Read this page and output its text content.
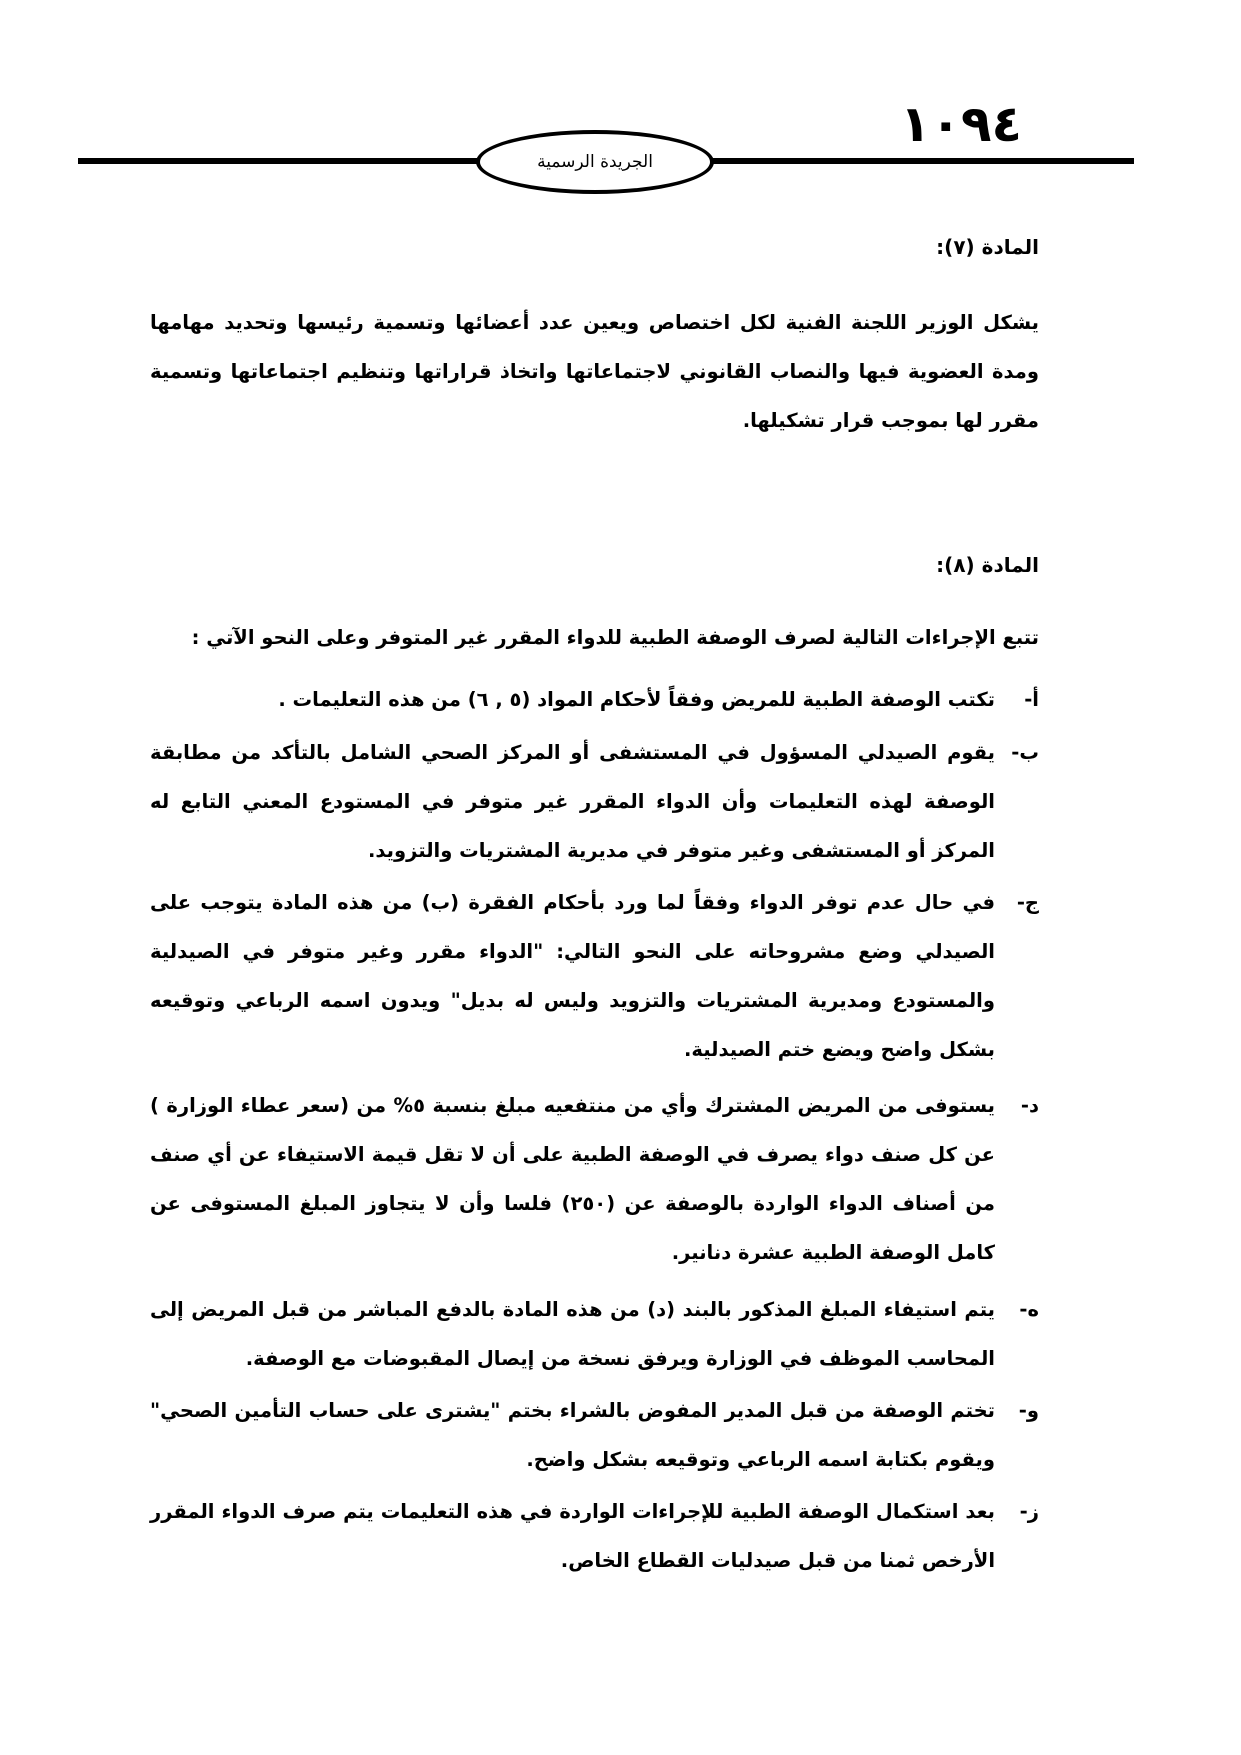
١٠٩٤
الجريدة الرسمية
المادة (٧):
يشكل الوزير اللجنة الفنية لكل اختصاص ويعين عدد أعضائها وتسمية رئيسها وتحديد مهامها ومدة العضوية فيها والنصاب القانوني لاجتماعاتها واتخاذ قراراتها وتنظيم اجتماعاتها وتسمية مقرر لها بموجب قرار تشكيلها.
المادة (٨):
تتبع الإجراءات التالية لصرف الوصفة الطبية للدواء المقرر غير المتوفر وعلى النحو الآتي :
أ-
تكتب الوصفة الطبية للمريض وفقاً لأحكام المواد (٥ , ٦) من هذه التعليمات .
ب-
يقوم الصيدلي المسؤول في المستشفى أو المركز الصحي الشامل بالتأكد من مطابقة الوصفة لهذه التعليمات وأن الدواء المقرر غير متوفر في المستودع المعني التابع له المركز أو المستشفى وغير متوفر في مديرية المشتريات والتزويد.
ج-
في حال عدم توفر الدواء وفقاً لما ورد بأحكام الفقرة (ب) من هذه المادة يتوجب على الصيدلي وضع مشروحاته على النحو التالي: "الدواء مقرر وغير متوفر في الصيدلية والمستودع ومديرية المشتريات والتزويد وليس له بديل" ويدون اسمه الرباعي وتوقيعه بشكل واضح ويضع ختم الصيدلية.
د-
يستوفى من المريض المشترك وأي من منتفعيه مبلغ بنسبة ٥% من (سعر عطاء الوزارة ) عن كل صنف دواء يصرف في الوصفة الطبية على أن لا تقل قيمة الاستيفاء عن أي صنف من أصناف الدواء الواردة بالوصفة عن (٢٥٠) فلسا وأن لا يتجاوز المبلغ المستوفى عن كامل الوصفة الطبية عشرة دنانير.
ه-
يتم استيفاء المبلغ المذكور بالبند (د) من هذه المادة بالدفع المباشر من قبل المريض إلى المحاسب الموظف في الوزارة ويرفق نسخة من إيصال المقبوضات مع الوصفة.
و-
تختم الوصفة من قبل المدير المفوض بالشراء بختم "يشترى على حساب التأمين الصحي" ويقوم بكتابة اسمه الرباعي وتوقيعه بشكل واضح.
ز-
بعد استكمال الوصفة الطبية للإجراءات الواردة في هذه التعليمات يتم صرف الدواء المقرر الأرخص ثمنا من قبل صيدليات القطاع الخاص.
